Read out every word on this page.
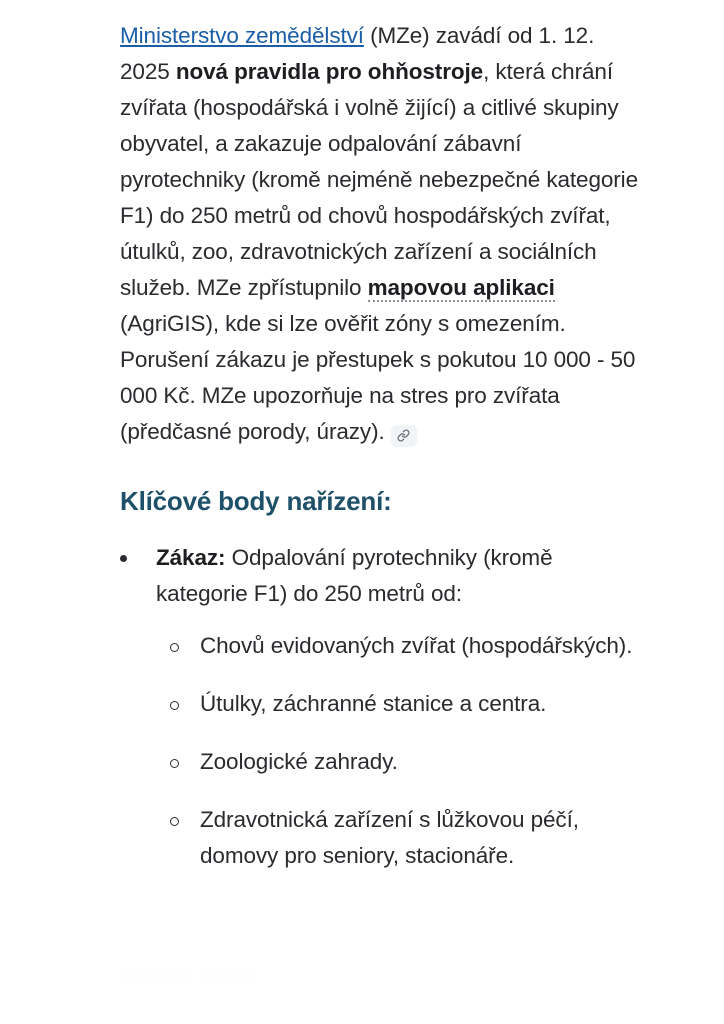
Ministerstvo zemědělství (MZe) zavádí od 1. 12. 2025 nová pravidla pro ohňostroje, která chrání zvířata (hospodářská i volně žijící) a citlivé skupiny obyvatel, a zakazuje odpalování zábavní pyrotechniky (kromě nejméně nebezpečné kategorie F1) do 250 metrů od chovů hospodářských zvířat, útulků, zoo, zdravotnických zařízení a sociálních služeb. MZe zpřístupnilo mapovou aplikaci (AgriGIS), kde si lze ověřit zóny s omezením. Porušení zákazu je přestupek s pokutou 10 000 - 50 000 Kč. MZe upozorňuje na stres pro zvířata (předčasné porody, úrazy).

Klíčové body nařízení:
Zákaz: Odpalování pyrotechniky (kromě kategorie F1) do 250 metrů od:
Chovů evidovaných zvířat (hospodářských).
Útulky, záchranné stanice a centra.
Zoologické zahrady.
Zdravotnická zařízení s lůžkovou péčí, domovy pro seniory, stacionáře.
